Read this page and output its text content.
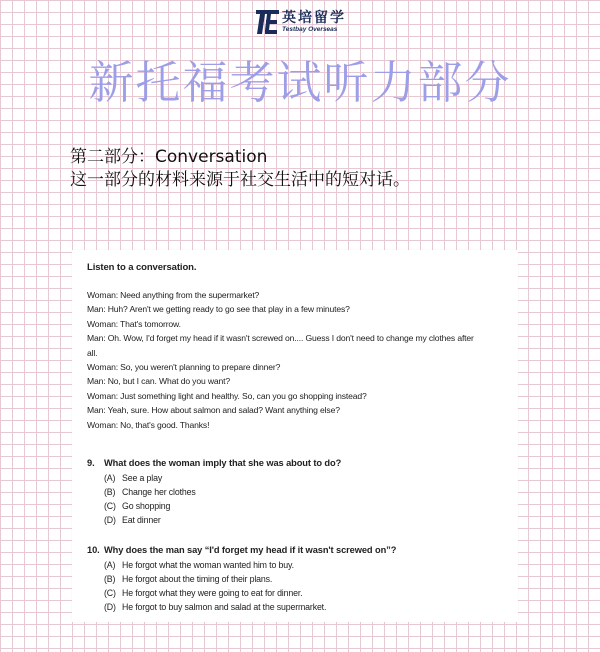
英培留学
Testbay Overseas
新托福考试听力部分
第二部分：Conversation
这一部分的材料来源于社交生活中的短对话。
Listen to a conversation.
Woman: Need anything from the supermarket?
Man: Huh? Aren't we getting ready to go see that play in a few minutes?
Woman: That's tomorrow.
Man: Oh. Wow, I'd forget my head if it wasn't screwed on.... Guess I don't need to change my clothes after
all.
Woman: So, you weren't planning to prepare dinner?
Man: No, but I can. What do you want?
Woman: Just something light and healthy. So, can you go shopping instead?
Man: Yeah, sure. How about salmon and salad? Want anything else?
Woman: No, that's good. Thanks!
9.	What does the woman imply that she was about to do?
(A) See a play
(B) Change her clothes
(C) Go shopping
(D) Eat dinner
10. Why does the man say “I'd forget my head if it wasn't screwed on”?
(A) He forgot what the woman wanted him to buy.
(B) He forgot about the timing of their plans.
(C) He forgot what they were going to eat for dinner.
(D) He forgot to buy salmon and salad at the supermarket.
